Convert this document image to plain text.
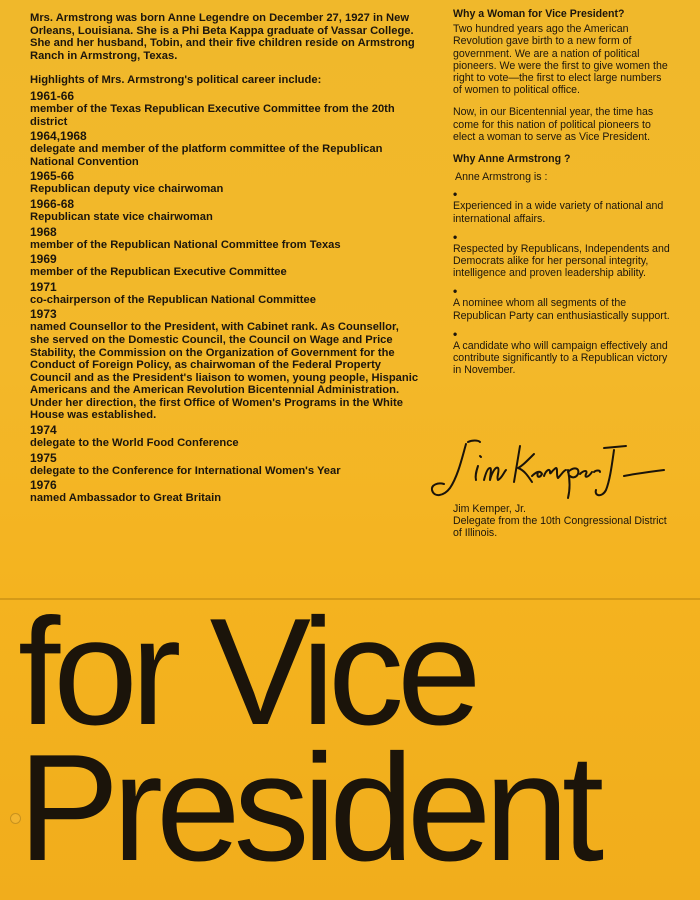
Mrs. Armstrong was born Anne Legendre on December 27, 1927 in New Orleans, Louisiana. She is a Phi Beta Kappa graduate of Vassar College. She and her husband, Tobin, and their five children reside on Armstrong Ranch in Armstrong, Texas.

Highlights of Mrs. Armstrong's political career include:

1961-66
member of the Texas Republican Executive Committee from the 20th district
1964,1968
delegate and member of the platform committee of the Republican National Convention
1965-66
Republican deputy vice chairwoman
1966-68
Republican state vice chairwoman
1968
member of the Republican National Committee from Texas
1969
member of the Republican Executive Committee
1971
co-chairperson of the Republican National Committee
1973
named Counsellor to the President, with Cabinet rank. As Counsellor, she served on the Domestic Council, the Council on Wage and Price Stability, the Commission on the Organization of Government for the Conduct of Foreign Policy, as chairwoman of the Federal Property Council and as the President's liaison to women, young people, Hispanic Americans and the American Revolution Bicentennial Administration. Under her direction, the first Office of Women's Programs in the White House was established.
1974
delegate to the World Food Conference
1975
delegate to the Conference for International Women's Year
1976
named Ambassador to Great Britain

Why a Woman for Vice President?

Two hundred years ago the American Revolution gave birth to a new form of government. We are a nation of political pioneers. We were the first to give women the right to vote—the first to elect large numbers of women to political office.

Now, in our Bicentennial year, the time has come for this nation of political pioneers to elect a woman to serve as Vice President.

Why Anne Armstrong ?

Anne Armstrong is :

•
Experienced in a wide variety of national and international affairs.
•
Respected by Republicans, Independents and Democrats alike for her personal integrity, intelligence and proven leadership ability.
•
A nominee whom all segments of the Republican Party can enthusiastically support.
•
A candidate who will campaign effectively and contribute significantly to a Republican victory in November.
Jim Kemper, Jr.
Delegate from the 10th Congressional District of Illinois.
for Vice
President
